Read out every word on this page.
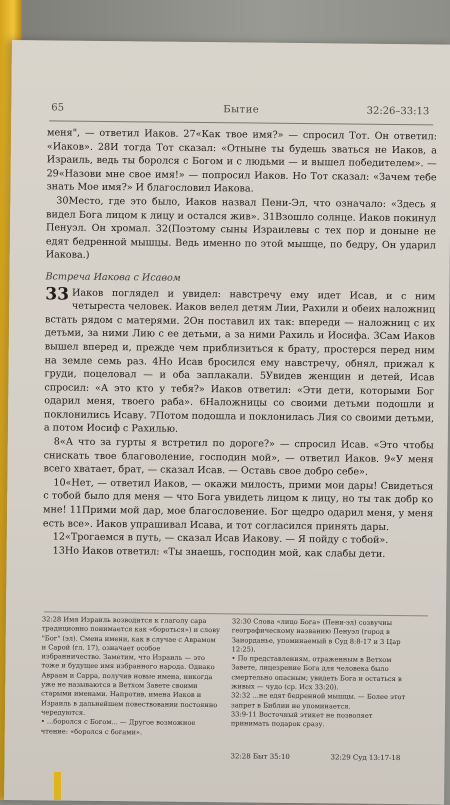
65	Бытие	32:26–33:13

меня", — ответил Иаков. 27«Как твое имя?» — спросил Тот. Он ответил: «Иаков». 28И тогда Тот сказал: «Отныне ты будешь зваться не Иаков, а Израиль, ведь ты боролся с Богом и с людьми — и вышел победителем». — 29«Назови мне свое имя!» — попросил Иаков. Но Тот сказал: «Зачем тебе знать Мое имя?» И благословил Иакова.

30Место, где это было, Иаков назвал Пени-Эл, что означало: «Здесь я видел Бога лицом к лицу и остался жив». 31Взошло солнце. Иаков покинул Пенуэл. Он хромал. 32(Поэтому сыны Израилевы с тех пор и доныне не едят бедренной мышцы. Ведь именно по этой мышце, по бедру, Он ударил Иакова.)

Встреча Иакова с Исавом

33 Иаков поглядел и увидел: навстречу ему идет Исав, и с ним четыреста человек. Иаков велел детям Лии, Рахили и обеих наложниц встать рядом с матерями. 2Он поставил их так: впереди — наложниц с их детьми, за ними Лию с ее детьми, а за ними Рахиль и Иосифа. 3Сам Иаков вышел вперед и, прежде чем приблизиться к брату, простерся перед ним на земле семь раз. 4Но Исав бросился ему навстречу, обнял, прижал к груди, поцеловал — и оба заплакали. 5Увидев женщин и детей, Исав спросил: «А это кто у тебя?» Иаков ответил: «Эти дети, которыми Бог одарил меня, твоего раба». 6Наложницы со своими детьми подошли и поклонились Исаву. 7Потом подошла и поклонилась Лия со своими детьми, а потом Иосиф с Рахилью.

8«А что за гурты я встретил по дороге?» — спросил Исав. «Это чтобы снискать твое благоволение, господин мой», — ответил Иаков. 9«У меня всего хватает, брат, — сказал Исав. — Оставь свое добро себе».

10«Нет, — ответил Иаков, — окажи милость, прими мои дары! Свидеться с тобой было для меня — что Бога увидеть лицом к лицу, но ты так добр ко мне! 11Прими мой дар, мое благословение. Бог щедро одарил меня, у меня есть все». Иаков упрашивал Исава, и тот согласился принять дары.

12«Трогаемся в путь, — сказал Исав Иакову. — Я пойду с тобой».

13Но Иаков ответил: «Ты знаешь, господин мой, как слабы дети.

32:28 Имя Израиль возводится к глаголу сара традиционно понимается как «бороться») и слову "Бог" (эл). Смена имени, как в случае с Аврамом и Сарой (гл. 17), означает особое избранничество. Заметим, что Израиль — это тоже и будущее имя избранного народа. Однако Авраам и Сарра, получив новые имена, никогда уже не называются в Ветхом Завете своими старыми именами. Напротив, имена Иаков и Израиль в дальнейшем повествовании постоянно чередуются.

• ...боролся с Богом... — Другое возможное чтение: «боролся с богами».

32:30 Слова «лицо Бога» (Пени-эл) созвучны географическому названию Пенуэл (город в Заиорданье, упоминаемый в Суд 8:8-17 и 3 Цар 12:25).

• По представлениям, отраженным в Ветхом Завете, лицезрение Бога для человека было смертельно опасным; увидеть Бога и остаться в живых — чудо (ср. Исх 33:20).

32:32 ...не едят бедренной мышцы. — Более этот запрет в Библии не упоминается.

33:9-11 Восточный этикет не позволяет принимать подарок сразу.

32:28 Быт 35:10	32:29 Суд 13:17-18
